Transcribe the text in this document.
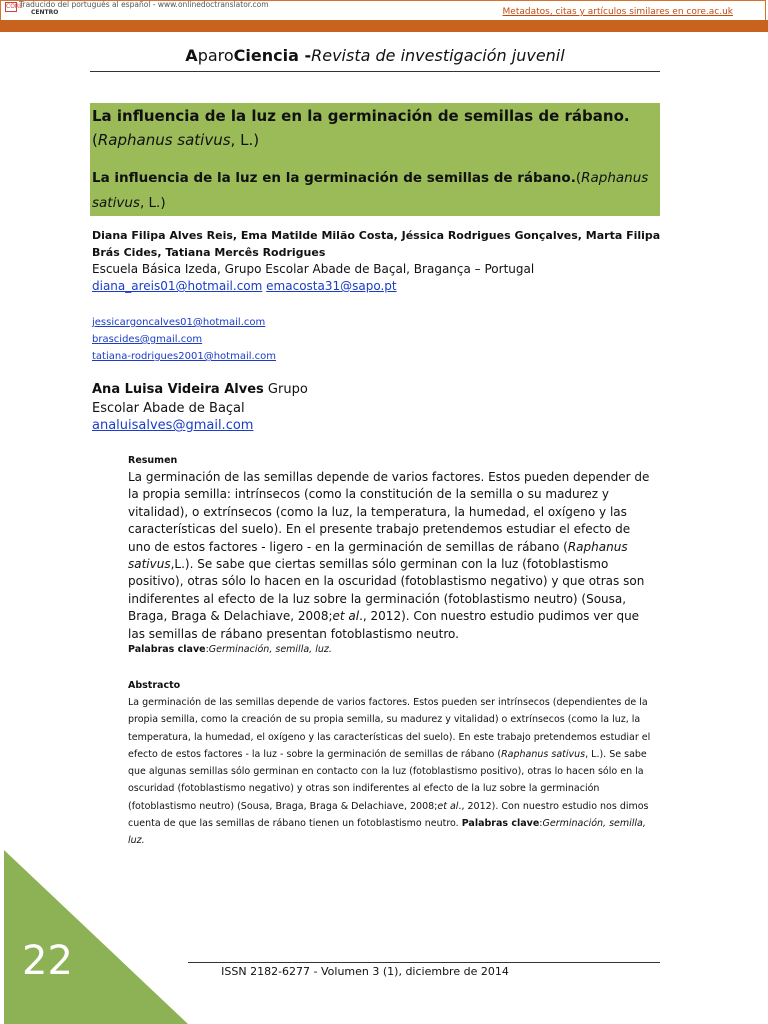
CORE
Traducido del portugués al español - www.onlinedoctranslator.com
CENTRO	Metadatos, citas y artículos similares en core.ac.uk
Proporcionado por la Biblioteca Digital IPB
AparoCiencia -Revista de investigación juvenil
La influencia de la luz en la germinación de semillas de rábano. (Raphanus sativus, L.)
La influencia de la luz en la germinación de semillas de rábano.(Raphanus sativus, L.)
Diana Filipa Alves Reis, Ema Matilde Milão Costa, Jéssica Rodrigues Gonçalves, Marta Filipa Brás Cides, Tatiana Mercês Rodrigues
Escuela Básica Izeda, Grupo Escolar Abade de Baçal, Bragança – Portugal
diana_areis01@hotmail.com emacosta31@sapo.pt
jessicargoncalves01@hotmail.com
brascides@gmail.com
tatiana-rodrigues2001@hotmail.com
Ana Luisa Videira Alves Grupo
Escolar Abade de Baçal
analuisalves@gmail.com
Resumen
La germinación de las semillas depende de varios factores. Estos pueden depender de la propia semilla: intrínsecos (como la constitución de la semilla o su madurez y vitalidad), o extrínsecos (como la luz, la temperatura, la humedad, el oxígeno y las características del suelo). En el presente trabajo pretendemos estudiar el efecto de uno de estos factores - ligero - en la germinación de semillas de rábano (Raphanus sativus,L.). Se sabe que ciertas semillas sólo germinan con la luz (fotoblastismo positivo), otras sólo lo hacen en la oscuridad (fotoblastismo negativo) y que otras son indiferentes al efecto de la luz sobre la germinación (fotoblastismo neutro) (Sousa, Braga, Braga & Delachiave, 2008;et al., 2012). Con nuestro estudio pudimos ver que las semillas de rábano presentan fotoblastismo neutro.
Palabras clave:Germinación, semilla, luz.
Abstracto
La germinación de las semillas depende de varios factores. Estos pueden ser intrínsecos (dependientes de la propia semilla, como la creación de su propia semilla, su madurez y vitalidad) o extrínsecos (como la luz, la temperatura, la humedad, el oxígeno y las características del suelo). En este trabajo pretendemos estudiar el efecto de estos factores - la luz - sobre la germinación de semillas de rábano (Raphanus sativus, L.). Se sabe que algunas semillas sólo germinan en contacto con la luz (fotoblastismo positivo), otras lo hacen sólo en la oscuridad (fotoblastismo negativo) y otras son indiferentes al efecto de la luz sobre la germinación (fotoblastismo neutro) (Sousa, Braga, Braga & Delachiave, 2008;et al., 2012). Con nuestro estudio nos dimos cuenta de que las semillas de rábano tienen un fotoblastismo neutro. Palabras clave:Germinación, semilla, luz.
ISSN 2182-6277 - Volumen 3 (1), diciembre de 2014
22
